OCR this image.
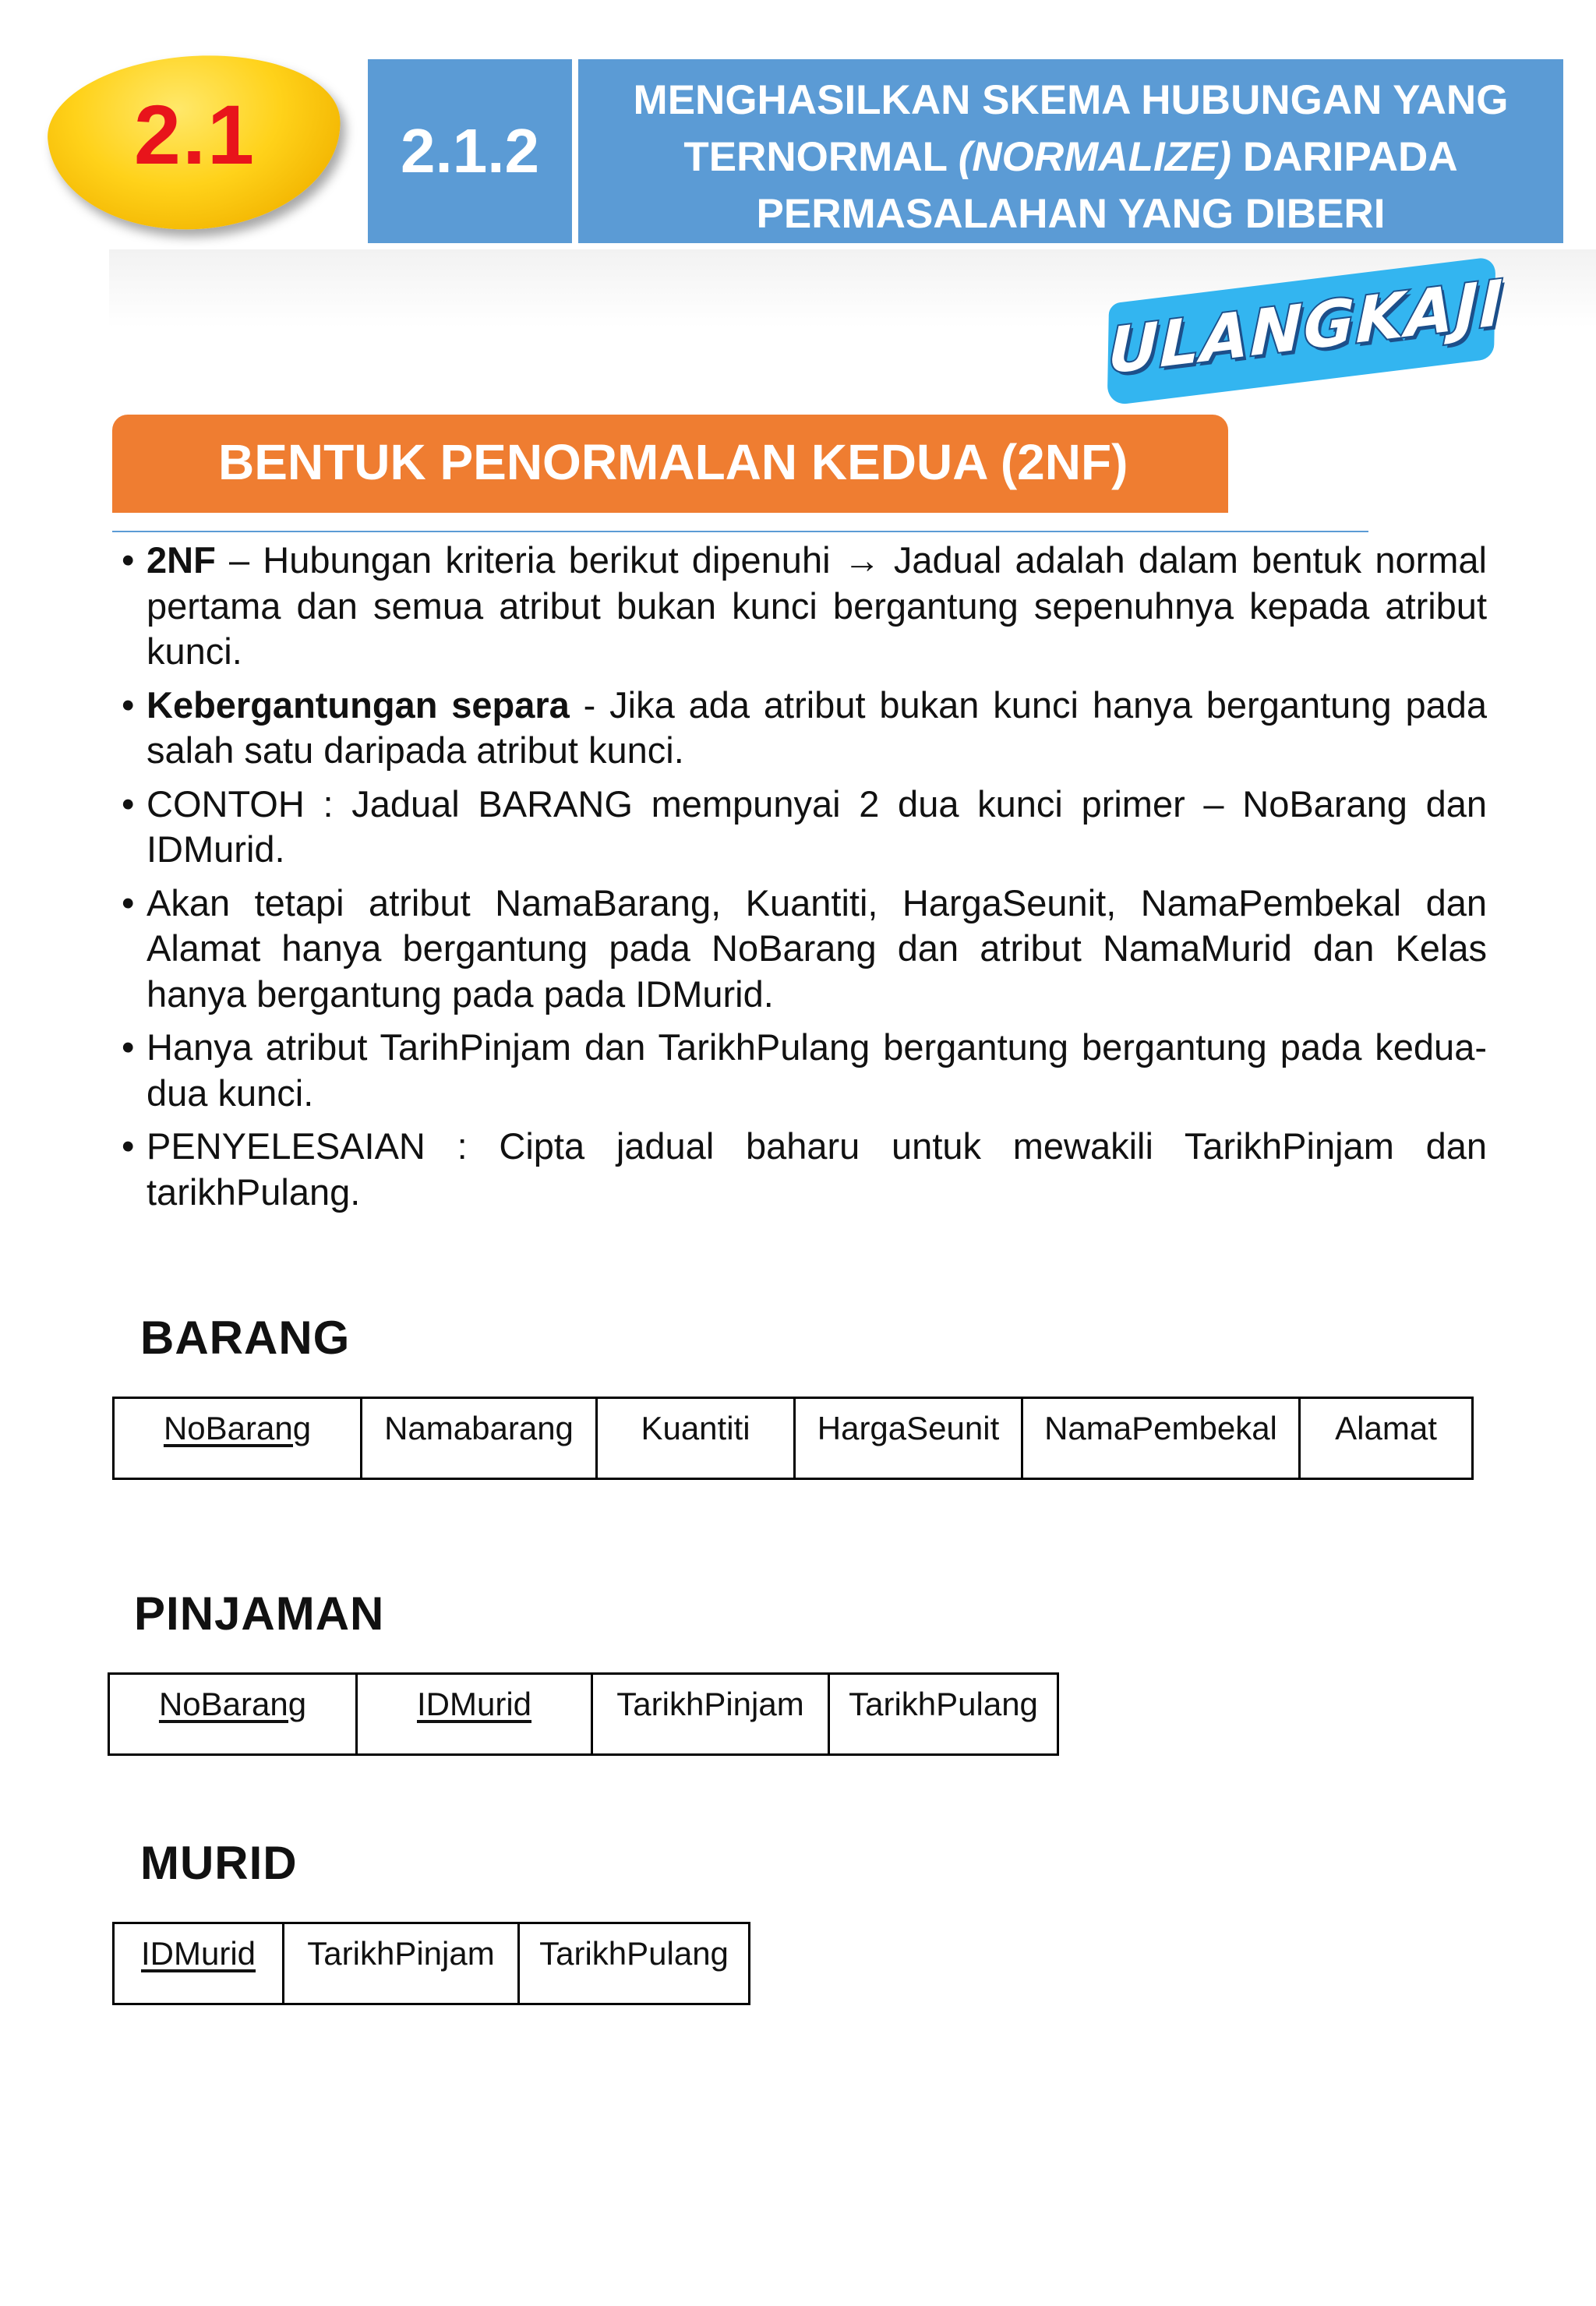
2.1	2.1.2
MENGHASILKAN SKEMA HUBUNGAN YANG
TERNORMAL (NORMALIZE) DARIPADA
PERMASALAHAN YANG DIBERI
ULANGKAJI
BENTUK PENORMALAN KEDUA (2NF)
• 2NF – Hubungan kriteria berikut dipenuhi → Jadual adalah dalam bentuk normal pertama dan semua atribut bukan kunci bergantung sepenuhnya kepada atribut kunci.
• Kebergantungan separa - Jika ada atribut bukan kunci hanya bergantung pada salah satu daripada atribut kunci.
• CONTOH : Jadual BARANG mempunyai 2 dua kunci primer – NoBarang dan IDMurid.
• Akan tetapi atribut NamaBarang, Kuantiti, HargaSeunit, NamaPembekal dan Alamat hanya bergantung pada NoBarang dan atribut NamaMurid dan Kelas hanya bergantung pada pada IDMurid.
• Hanya atribut TarihPinjam dan TarikhPulang bergantung bergantung pada kedua-dua kunci.
• PENYELESAIAN : Cipta jadual baharu untuk mewakili TarikhPinjam dan tarikhPulang.
BARANG
NoBarang	Namabarang	Kuantiti	HargaSeunit	NamaPembekal	Alamat
PINJAMAN
NoBarang	IDMurid	TarikhPinjam	TarikhPulang
MURID
IDMurid	TarikhPinjam	TarikhPulang
